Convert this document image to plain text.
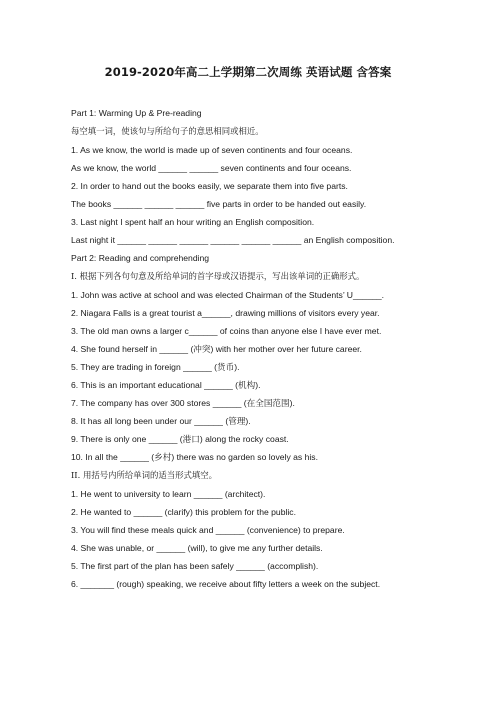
2019-2020年高二上学期第二次周练 英语试题 含答案
Part 1: Warming Up & Pre-reading
每空填一词，使该句与所给句子的意思相同或相近。
1. As we know, the world is made up of seven continents and four oceans.
As we know, the world ______ ______ seven continents and four oceans.
2. In order to hand out the books easily, we separate them into five parts.
The books ______ ______ ______ five parts in order to be handed out easily.
3. Last night I spent half an hour writing an English composition.
Last night it ______ ______ ______ ______ ______ ______ an English composition.
Part 2: Reading and comprehending
I. 根据下列各句句意及所给单词的首字母或汉语提示，写出该单词的正确形式。
1. John was active at school and was elected Chairman of the Students’ U______.
2. Niagara Falls is a great tourist a______, drawing millions of visitors every year.
3. The old man owns a larger c______ of coins than anyone else I have ever met.
4. She found herself in ______ (冲突) with her mother over her future career.
5. They are trading in foreign ______ (货币).
6. This is an important educational ______ (机构).
7. The company has over 300 stores ______ (在全国范围).
8. It has all long been under our ______ (管理).
9. There is only one ______ (港口) along the rocky coast.
10. In all the ______ (乡村) there was no garden so lovely as his.
II. 用括号内所给单词的适当形式填空。
1. He went to university to learn ______ (architect).
2. He wanted to ______ (clarify) this problem for the public.
3. You will find these meals quick and ______ (convenience) to prepare.
4. She was unable, or ______ (will), to give me any further details.
5. The first part of the plan has been safely ______ (accomplish).
6. _______ (rough) speaking, we receive about fifty letters a week on the subject.
